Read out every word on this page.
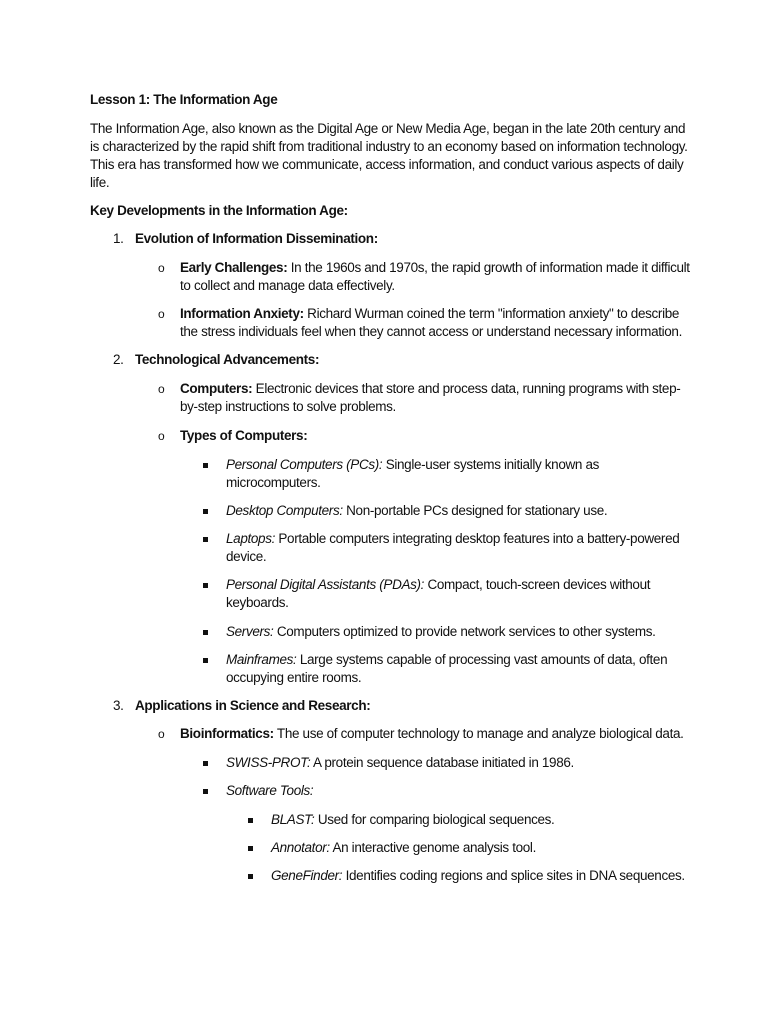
Lesson 1: The Information Age
The Information Age, also known as the Digital Age or New Media Age, began in the late 20th century and
is characterized by the rapid shift from traditional industry to an economy based on information technology.
This era has transformed how we communicate, access information, and conduct various aspects of daily
life.
Key Developments in the Information Age:
1. Evolution of Information Dissemination:
o Early Challenges: In the 1960s and 1970s, the rapid growth of information made it difficult
to collect and manage data effectively.
o Information Anxiety: Richard Wurman coined the term "information anxiety" to describe
the stress individuals feel when they cannot access or understand necessary information.
2. Technological Advancements:
o Computers: Electronic devices that store and process data, running programs with step-
by-step instructions to solve problems.
o Types of Computers:
Personal Computers (PCs): Single-user systems initially known as
microcomputers.
Desktop Computers: Non-portable PCs designed for stationary use.
Laptops: Portable computers integrating desktop features into a battery-powered
device.
Personal Digital Assistants (PDAs): Compact, touch-screen devices without
keyboards.
Servers: Computers optimized to provide network services to other systems.
Mainframes: Large systems capable of processing vast amounts of data, often
occupying entire rooms.
3. Applications in Science and Research:
o Bioinformatics: The use of computer technology to manage and analyze biological data.
SWISS-PROT: A protein sequence database initiated in 1986.
Software Tools:
BLAST: Used for comparing biological sequences.
Annotator: An interactive genome analysis tool.
GeneFinder: Identifies coding regions and splice sites in DNA sequences.
